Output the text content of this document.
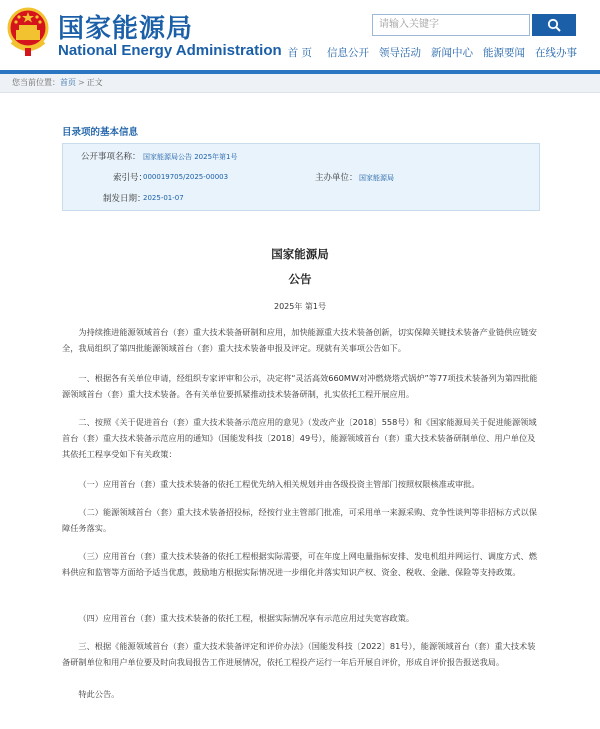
国家能源局
National Energy Administration
请输入关键字
首 页	信息公开 领导活动 新闻中心 能源要闻 在线办事
您当前位置：首页 > 正文
目录项的基本信息
公开事项名称： 国家能源局公告 2025年第1号
索引号：
000019705/2025-00003	主办单位： 国家能源局
制发日期：
2025-01-07
国家能源局
公告
2025年 第1号

为持续推进能源领域首台（套）重大技术装备研制和应用，加快能源重大技术装备创新，切实保障关键技术装备产业链供应链安全，我局组织了第四批能源领域首台（套）重大技术装备申报及评定。现就有关事项公告如下。

一、根据各有关单位申请，经组织专家评审和公示，决定将“灵活高效660MW对冲燃烧塔式锅炉”等77项技术装备列为第四批能源领域首台（套）重大技术装备。各有关单位要抓紧推动技术装备研制，扎实依托工程开展应用。

二、按照《关于促进首台（套）重大技术装备示范应用的意见》（发改产业〔2018〕558号）和《国家能源局关于促进能源领域首台（套）重大技术装备示范应用的通知》（国能发科技〔2018〕49号），能源领域首台（套）重大技术装备研制单位、用户单位及其依托工程享受如下有关政策：

（一）应用首台（套）重大技术装备的依托工程优先纳入相关规划并由各级投资主管部门按照权限核准或审批。

（二）能源领域首台（套）重大技术装备招投标，经按行业主管部门批准，可采用单一来源采购、竞争性谈判等非招标方式以保障任务落实。

（三）应用首台（套）重大技术装备的依托工程根据实际需要，可在年度上网电量指标安排、发电机组并网运行、调度方式、燃料供应和监管等方面给予适当优惠，鼓励地方根据实际情况进一步细化并落实知识产权、资金、税收、金融、保险等支持政策。

（四）应用首台（套）重大技术装备的依托工程，根据实际情况享有示范应用过失宽容政策。

三、根据《能源领域首台（套）重大技术装备评定和评价办法》（国能发科技〔2022〕81号），能源领域首台（套）重大技术装备研制单位和用户单位要及时向我局报告工作进展情况，依托工程投产运行一年后开展自评价，形成自评价报告报送我局。

特此公告。
